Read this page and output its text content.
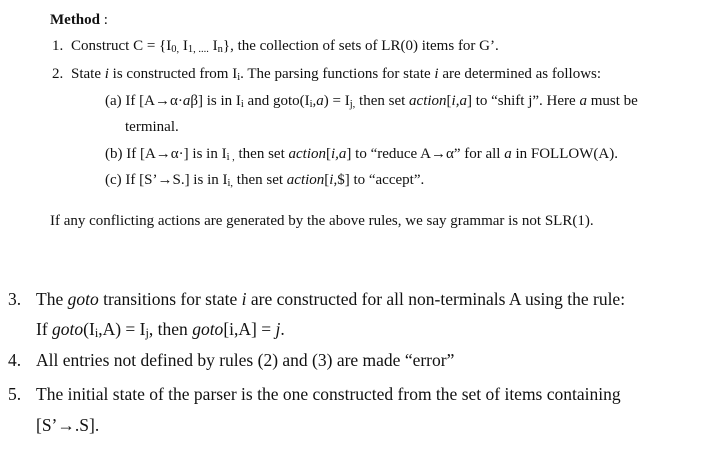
Method :
1. Construct $C = \{I_{0,}$ $I_{1, ....}$ $I_n$}, the collection of sets of LR(0) items for G’.
2. State i is constructed from $I_i$. The parsing functions for state i are determined as follows:
(a) If [A→α·aβ] is in $I_i$ and $goto(I_i,a) = I_{j,}$ then set action[i,a] to “shift j”. Here a must be
terminal.
(b) If [A→α·] is in $I_{i ,}$ then set action[i,a] to “reduce A→α” for all a in FOLLOW(A).
(c) If [S’→S.] is in $I_{i,}$ then set action[i,$] to “accept”.
If any conflicting actions are generated by the above rules, we say grammar is not SLR(1).
3. The goto transitions for state i are constructed for all non-terminals A using the rule:
If $goto(I_i,A) = I_j$, then goto[i,A] = j.
4. All entries not defined by rules (2) and (3) are made “error”
5. The initial state of the parser is the one constructed from the set of items containing
[S’→.S].
